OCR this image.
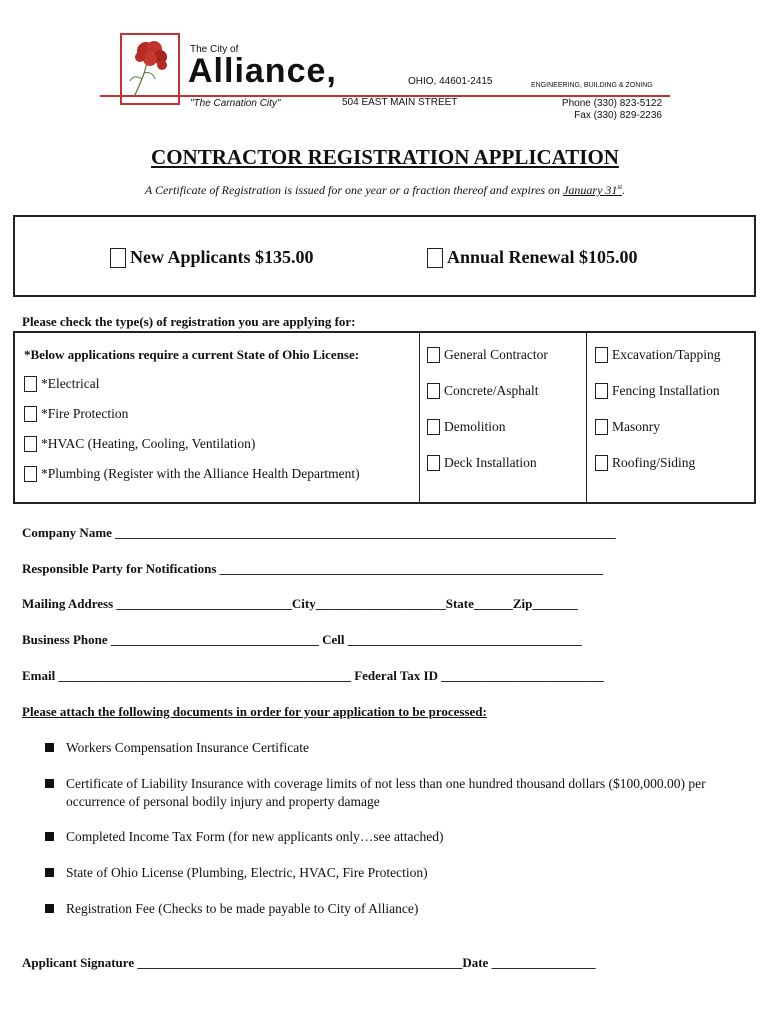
The City of
Alliance,	OHIO, 44601-2415
"The Carnation City"	504 EAST MAIN STREET
ENGINEERING, BUILDING & ZONING
Phone (330) 823-5122
Fax (330) 829-2236
CONTRACTOR REGISTRATION APPLICATION
A Certificate of Registration is issued for one year or a fraction thereof and expires on January 31st.
New Applicants $135.00	Annual Renewal $105.00
Please check the type(s) of registration you are applying for:
*Below applications require a current State of Ohio License:
*Electrical
*Fire Protection
*HVAC (Heating, Cooling, Ventilation)
*Plumbing (Register with the Alliance Health Department)
General Contractor
Concrete/Asphalt
Demolition
Deck Installation
Excavation/Tapping
Fencing Installation
Masonry
Roofing/Siding
Company Name _____________________________________________________________________________
Responsible Party for Notifications ___________________________________________________________
Mailing Address ___________________________City____________________State______Zip_______
Business Phone ________________________________ Cell ____________________________________
Email _____________________________________________ Federal Tax ID _________________________
Please attach the following documents in order for your application to be processed:
Workers Compensation Insurance Certificate
Certificate of Liability Insurance with coverage limits of not less than one hundred thousand dollars ($100,000.00) per occurrence of personal bodily injury and property damage
Completed Income Tax Form (for new applicants only…see attached)
State of Ohio License (Plumbing, Electric, HVAC, Fire Protection)
Registration Fee (Checks to be made payable to City of Alliance)
Applicant Signature __________________________________________________Date ________________
